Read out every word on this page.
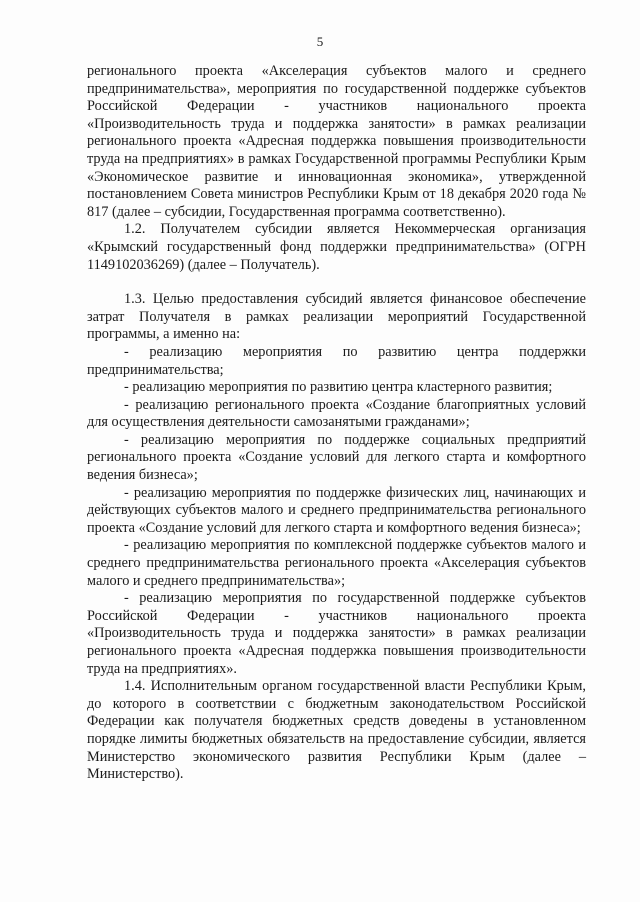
5

регионального проекта «Акселерация субъектов малого и среднего предпринимательства», мероприятия по государственной поддержке субъектов Российской Федерации - участников национального проекта «Производительность труда и поддержка занятости» в рамках реализации регионального проекта «Адресная поддержка повышения производительности труда на предприятиях» в рамках Государственной программы Республики Крым «Экономическое развитие и инновационная экономика», утвержденной постановлением Совета министров Республики Крым от 18 декабря 2020 года № 817 (далее – субсидии, Государственная программа соответственно).

1.2. Получателем субсидии является Некоммерческая организация «Крымский государственный фонд поддержки предпринимательства» (ОГРН 1149102036269) (далее – Получатель).

1.3. Целью предоставления субсидий является финансовое обеспечение затрат Получателя в рамках реализации мероприятий Государственной программы, а именно на:

- реализацию мероприятия по развитию центра поддержки предпринимательства;

- реализацию мероприятия по развитию центра кластерного развития;

- реализацию регионального проекта «Создание благоприятных условий для осуществления деятельности самозанятыми гражданами»;

- реализацию мероприятия по поддержке социальных предприятий регионального проекта «Создание условий для легкого старта и комфортного ведения бизнеса»;

- реализацию мероприятия по поддержке физических лиц, начинающих и действующих субъектов малого и среднего предпринимательства регионального проекта «Создание условий для легкого старта и комфортного ведения бизнеса»;

- реализацию мероприятия по комплексной поддержке субъектов малого и среднего предпринимательства регионального проекта «Акселерация субъектов малого и среднего предпринимательства»;

- реализацию мероприятия по государственной поддержке субъектов Российской Федерации - участников национального проекта «Производительность труда и поддержка занятости» в рамках реализации регионального проекта «Адресная поддержка повышения производительности труда на предприятиях».

1.4. Исполнительным органом государственной власти Республики Крым, до которого в соответствии с бюджетным законодательством Российской Федерации как получателя бюджетных средств доведены в установленном порядке лимиты бюджетных обязательств на предоставление субсидии, является Министерство экономического развития Республики Крым (далее – Министерство).
